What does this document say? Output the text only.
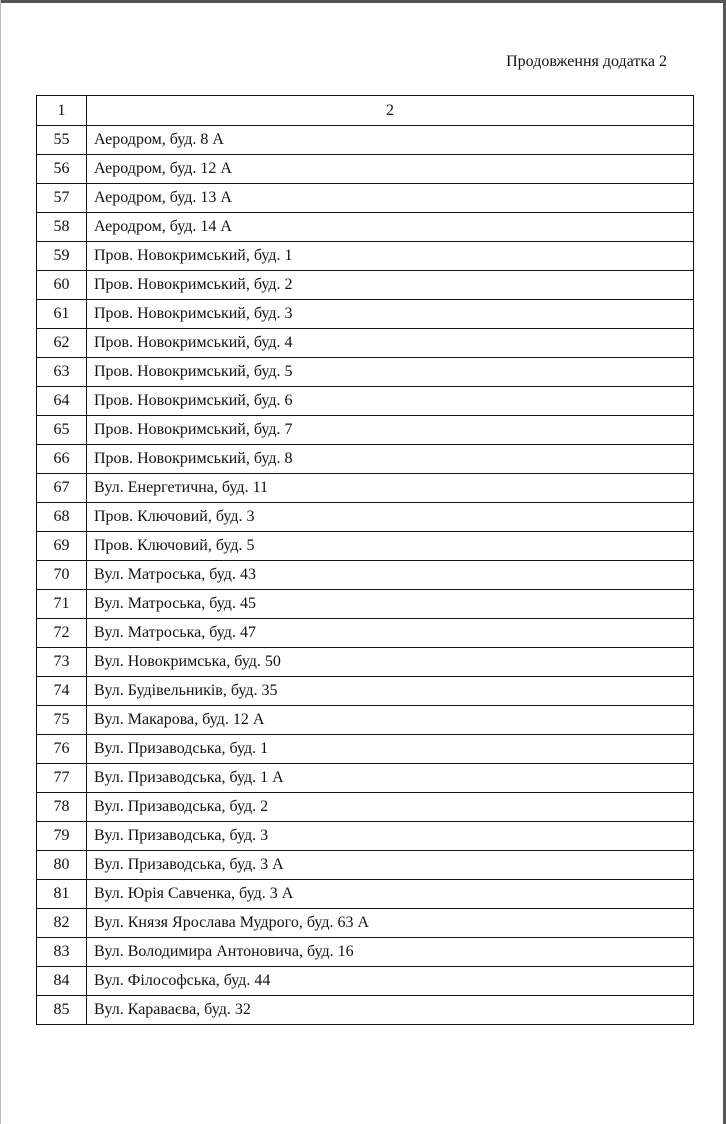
Продовження додатка 2
1	2
55	Аеродром, буд. 8 А
56	Аеродром, буд. 12 А
57	Аеродром, буд. 13 А
58	Аеродром, буд. 14 А
59	Пров. Новокримський, буд. 1
60	Пров. Новокримський, буд. 2
61	Пров. Новокримський, буд. 3
62	Пров. Новокримський, буд. 4
63	Пров. Новокримський, буд. 5
64	Пров. Новокримський, буд. 6
65	Пров. Новокримський, буд. 7
66	Пров. Новокримський, буд. 8
67	Вул. Енергетична, буд. 11
68	Пров. Ключовий, буд. 3
69	Пров. Ключовий, буд. 5
70	Вул. Матроська, буд. 43
71	Вул. Матроська, буд. 45
72	Вул. Матроська, буд. 47
73	Вул. Новокримська, буд. 50
74	Вул. Будівельників, буд. 35
75	Вул. Макарова, буд. 12 А
76	Вул. Призаводська, буд. 1
77	Вул. Призаводська, буд. 1 А
78	Вул. Призаводська, буд. 2
79	Вул. Призаводська, буд. 3
80	Вул. Призаводська, буд. 3 А
81	Вул. Юрія Савченка, буд. 3 А
82	Вул. Князя Ярослава Мудрого, буд. 63 А
83	Вул. Володимира Антоновича, буд. 16
84	Вул. Філософська, буд. 44
85	Вул. Караваєва, буд. 32
